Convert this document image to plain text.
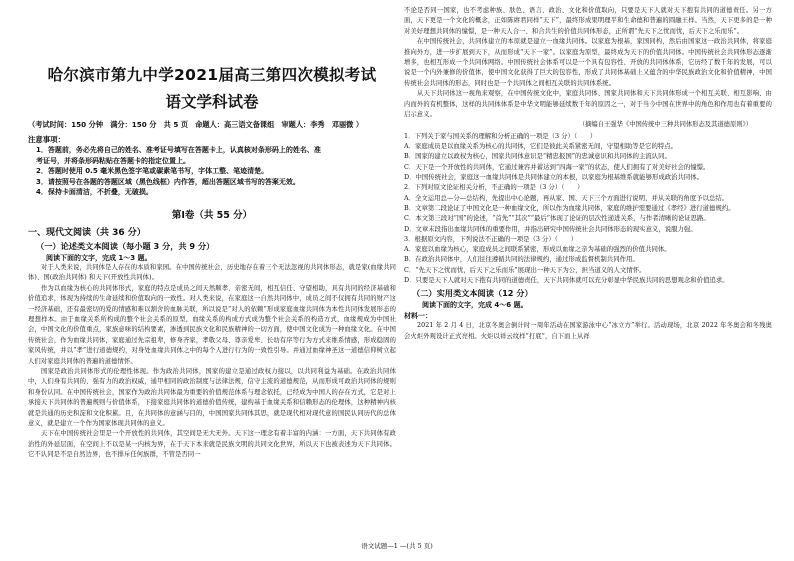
哈尔滨市第九中学2021届高三第四次模拟考试
语文学科试卷
（考试时间：150 分钟　满分：150 分　共 5 页　命题人：高三语文备课组　审题人：李秀　邓丽微 ）
注意事项：
1．答题前，务必先将自己的姓名、准考证号填写在答题卡上，认真核对条形码上的姓名、准
考证号，并将条形码粘贴在答题卡的指定位置上。
2．答题时使用 0.5 毫米黑色签字笔或碳素笔书写，字体工整、笔迹清楚。
3．请按照号在各题的答题区域（黑色线框）内作答，超出答题区域书写的答案无效。
4．保持卡面清洁，不折叠，无破损。
第Ⅰ卷（共 55 分）
一、现代文阅读（共 36 分）
（一）论述类文本阅读（每小题 3 分，共 9 分）
阅读下面的文字，完成 1～3 题。

对于人类来说，共同体是人存在的本质和家园。在中国传统社会，历史地存在着三个无法忽视的共同体形态，就是家(血缘共同体)、国(政治共同体) 和天下(开放性共同体)。

作为以血缘为核心的共同体形式，家庭的特点是成员之间天然顺孝、亲密无间，相互信任、守望相助，具有共同的经济基础和价值追求，体现为持续的生命延续和价值取向的一致性。对人类来说，在家庭这一自然共同体中，成员之间不仅拥有共同的财产这一经济基础，还有最密切的爱的情感和难以割舍的血脉关联，所以说是“对人的依赖”形成家庭血缘共同体为本性共同体发展形态的理想样本。由于血缘关系所构成的整个社会关系的原型，血缘关系的构成方式成为整个社会关系的构造方式，血缘规成为中国社会，中国文化的价值重点，家族意味的结构要素，渗透到民族文化和民族精神的一切方面，使中国文化成为一种血缘文化。在中国传统社会，作为血缘共同体，家庭通过先宗祖辈，修身齐家，孝敬父母、尊亲爱卑、长幼有序等行为方式来维系情感，形成稳固的家风传统，并以“孝”进行道德规约，对身处血缘共同体之中的每个人进行行为的一致性引导。并通过血缘神圣这一道德信仰树立起人们对家庭共同体的普遍的道德情怀。

国家是政治共同体形式的伦理性体现。作为政治共同体，国家的建立是通过政权力接以，以共同利益为基础。在政治共同体中，人们身有共同的、强有力的政治权威，通甲相同的政治制度与法律法规，信守主流的道德规范，从而形成可政治共同体的规则和身份认同。在中国传统社会，国家作为政治共同体最为重要的价值规范体系与理念依托，已经成为中国人的存在方式，它是对上承接天下共同体的普遍规则与价值体系，下接家庭共同体的道德价值传统，建构基于血缘关系和信赖形态的伦理体，这种精神内核就是共通的历史积淀和文化积累。且，在共同体的意涵与目的，中国国家共同体其思，就是现代相对现代意的国民认同历代的总体意义，就是建立一个作为国家体现共同体的意义。

天下在中国传统社会里是一个开放性的共同体，其空间是无大无外。天下这一理念有着丰富的内涵：一方面，天下共同体有政治性的外延层面，在空间上不以是某一内核为界，在于天下本来就是民族文明的共同文化世界，所以天下也被表述为天下共同体。它不认同是不是自然边界，也不排斥任何族群，不管是否同一

不论是否同一国家，也不考虑种族、肤色、语言、政治、文化和价值取向，只要是天下人就对天下抱有共同的道德责任。另一方面，天下更是一个文化的概念，正如陈赓君同样“天下”，最终形成果明理平和生命德和普遍的圆融王样。当然，天下更多的是一种对美好理想共同体的憧憬，是一种天人合一、和合共生的价值共同体形态，正所谓“先天下之忧而忧，后天下之乐而乐”。

在中国传统社会，共同体建立的本原就是建立一血缘共同体。以家庭为根基，家国同构，然后由国家这一政治共同体，将家庭推向外方，进一步扩展到天下，从而形成“天下一家”。以家庭为原型，最终成为天下的价值共同体。中国传统社会共同体形态逐渐增多，也相互形成一个共同体网络。中国传统社会体系可以是一个具有包容性、开放的共同体体系，它历经了数千年的发展，可以说是一个内外兼修的价值体，使中国文化获得了巨大的包容性，形成了共同体基础上又蕴含的中华民族政治文化和价值精神，中国传统社会共同体的形态，同时也是一个共同体之间相互关联的共同体系统。

从天下共同体这一视角来观察，在中国传统文化中，家庭共同体、国家共同体和天下共同体形成一个相互关联、相互影响、由内而外的有机整体，这样的共同体体系是中华文明能够延续数千年的原因之一，对于当今中国在世界中的角色和作用也有着重要的启示意义。

（摘编自王强华《中国传统中三种共同体形态及其道德原则》）

1．下列关于家与国关系的理解和分析正确的一项是（3 分）（　　）

A．家庭成员是以血缘关系为核心的共同体，它们是彼此关系紧密无间，守望相助等是它的特点。

B．国家的建立以政权为核心，国家共同体意识是“精忠报国”的忠诚意识和共同体的主流认同。

C．天下是一个开放性的共同体，它通过兼容并蓄达到“四海一家”的状态，使人们拥有了对美好社会的憧憬。

D．中国传统社会，家庭这一血缘共同体是共同体建立的本根，以家庭为根基维系就能够形成政治共同体。

2．下列对原文论证相关分析，不正确的一项是（3 分）（　　）

A．全文运用总—分—总结构，先提出中心论题，再从家、国、天下三个方面进行说明，并从关联的角度予以总结。

B．文章第二段论证了中国文化是一种血缘文化，所以作为血缘共同体，家庭的维护需要通过《孝经》进行道德规约。

C．本文第三段对“国”的论述，“首先”“其次”“最后”体现了论证的层次性递进关系，与作者清晰的论证思路。

D．文章末段指出血缘共同体的重要作用，并指出研究中国传统社会共同体形态的现实意义，说服力强。

3．根据原文内容，下列说法不正确的一项是（3 分）（　　）

A．家庭以血缘为核心，家庭成员之间联系紧密，形成以血缘之亲为基础的强烈的价值共同体。

B．在政治共同体中，人们往往遵循共同的法律规约，通过形成监督机制共同作用。

C．“先天下之忧而忧，后天下之乐而乐”展现出一种天下为公，担当道义的人文情怀。

D．只要是天下人就对天下抱有共同的道德责任，天下共同体就可以充分彰显中华民族共同的思想观念和价值追求。

（二）实用类文本阅读（12 分）
阅读下面的文字，完成 4～6 题。
材料一：

2021 年 2 月 4 日，北京冬奥会倒计时一周年活动在国家游泳中心“冰立方”举行。活动现场，北京 2022 年冬奥会和冬残奥会火炬外观设计正式亮相。火炬以祥云纹样“打底”，自下而上从祥

语文试题—1 —(共 5 页)
